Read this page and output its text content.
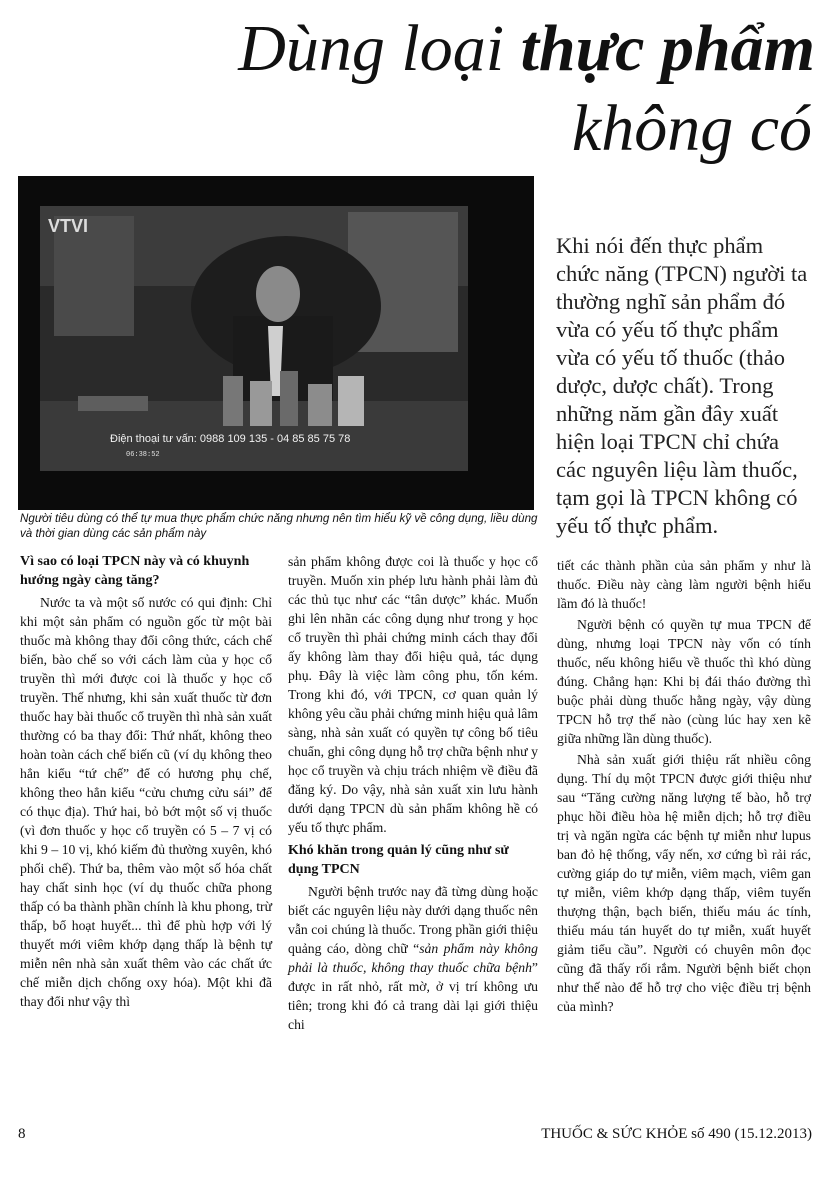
Dùng loại thực phẩm
không có
VTVI
Điện thoại tư vấn: 0988 109 135 - 04 85 85 75 78
06:38:52
Người tiêu dùng có thể tự mua thực phẩm chức năng nhưng nên tìm hiểu kỹ về công dụng, liều dùng và thời gian dùng các sản phẩm này
Khi nói đến thực phẩm chức năng (TPCN) người ta thường nghĩ sản phẩm đó vừa có yếu tố thực phẩm vừa có yếu tố thuốc (thảo dược, dược chất). Trong những năm gần đây xuất hiện loại TPCN chỉ chứa các nguyên liệu làm thuốc, tạm gọi là TPCN không có yếu tố thực phẩm.
Vì sao có loại TPCN này và có khuynh hướng ngày càng tăng?

Nước ta và một số nước có qui định: Chỉ khi một sản phẩm có nguồn gốc từ một bài thuốc mà không thay đổi công thức, cách chế biến, bào chế so với cách làm của y học cổ truyền thì mới được coi là thuốc y học cổ truyền. Thế nhưng, khi sản xuất thuốc từ đơn thuốc hay bài thuốc cổ truyền thì nhà sản xuất thường có ba thay đổi: Thứ nhất, không theo hoàn toàn cách chế biến cũ (ví dụ không theo hẳn kiểu “tứ chế” để có hương phụ chế, không theo hẳn kiểu “cửu chưng cửu sái” để có thục địa). Thứ hai, bỏ bớt một số vị thuốc (vì đơn thuốc y học cổ truyền có 5 – 7 vị có khi 9 – 10 vị, khó kiếm đủ thường xuyên, khó phối chế). Thứ ba, thêm vào một số hóa chất hay chất sinh học (ví dụ thuốc chữa phong thấp có ba thành phần chính là khu phong, trừ thấp, bổ hoạt huyết... thì để phù hợp với lý thuyết mới viêm khớp dạng thấp là bệnh tự miễn nên nhà sản xuất thêm vào các chất ức chế miễn dịch chống oxy hóa). Một khi đã thay đổi như vậy thì

sản phẩm không được coi là thuốc y học cổ truyền. Muốn xin phép lưu hành phải làm đủ các thủ tục như các “tân dược” khác. Muốn ghi lên nhãn các công dụng như trong y học cổ truyền thì phải chứng minh cách thay đổi ấy không làm thay đổi hiệu quả, tác dụng phụ. Đây là việc làm công phu, tốn kém. Trong khi đó, với TPCN, cơ quan quản lý không yêu cầu phải chứng minh hiệu quả lâm sàng, nhà sản xuất có quyền tự công bố tiêu chuẩn, ghi công dụng hỗ trợ chữa bệnh như y học cổ truyền và chịu trách nhiệm về điều đã đăng ký. Do vậy, nhà sản xuất xin lưu hành dưới dạng TPCN dù sản phẩm không hề có yếu tố thực phẩm.

Khó khăn trong quản lý cũng như sử dụng TPCN

Người bệnh trước nay đã từng dùng hoặc biết các nguyên liệu này dưới dạng thuốc nên vẫn coi chúng là thuốc. Trong phần giới thiệu quảng cáo, dòng chữ “sản phẩm này không phải là thuốc, không thay thuốc chữa bệnh” được in rất nhỏ, rất mờ, ở vị trí không ưu tiên; trong khi đó cả trang dài lại giới thiệu chi

tiết các thành phần của sản phẩm y như là thuốc. Điều này càng làm người bệnh hiểu lầm đó là thuốc!

Người bệnh có quyền tự mua TPCN để dùng, nhưng loại TPCN này vốn có tính thuốc, nếu không hiểu về thuốc thì khó dùng đúng. Chẳng hạn: Khi bị đái tháo đường thì buộc phải dùng thuốc hằng ngày, vậy dùng TPCN hỗ trợ thế nào (cùng lúc hay xen kẽ giữa những lần dùng thuốc).

Nhà sản xuất giới thiệu rất nhiều công dụng. Thí dụ một TPCN được giới thiệu như sau “Tăng cường năng lượng tế bào, hỗ trợ phục hồi điều hòa hệ miễn dịch; hỗ trợ điều trị và ngăn ngừa các bệnh tự miễn như lupus ban đỏ hệ thống, vẩy nến, xơ cứng bì rải rác, cường giáp do tự miễn, viêm mạch, viêm gan tự miễn, viêm khớp dạng thấp, viêm tuyến thượng thận, bạch biến, thiếu máu ác tính, thiếu máu tán huyết do tự miễn, xuất huyết giảm tiểu cầu”. Người có chuyên môn đọc cũng đã thấy rối rắm. Người bệnh biết chọn như thế nào để hỗ trợ cho việc điều trị bệnh của mình?

8	THUỐC & SỨC KHỎE số 490 (15.12.2013)
